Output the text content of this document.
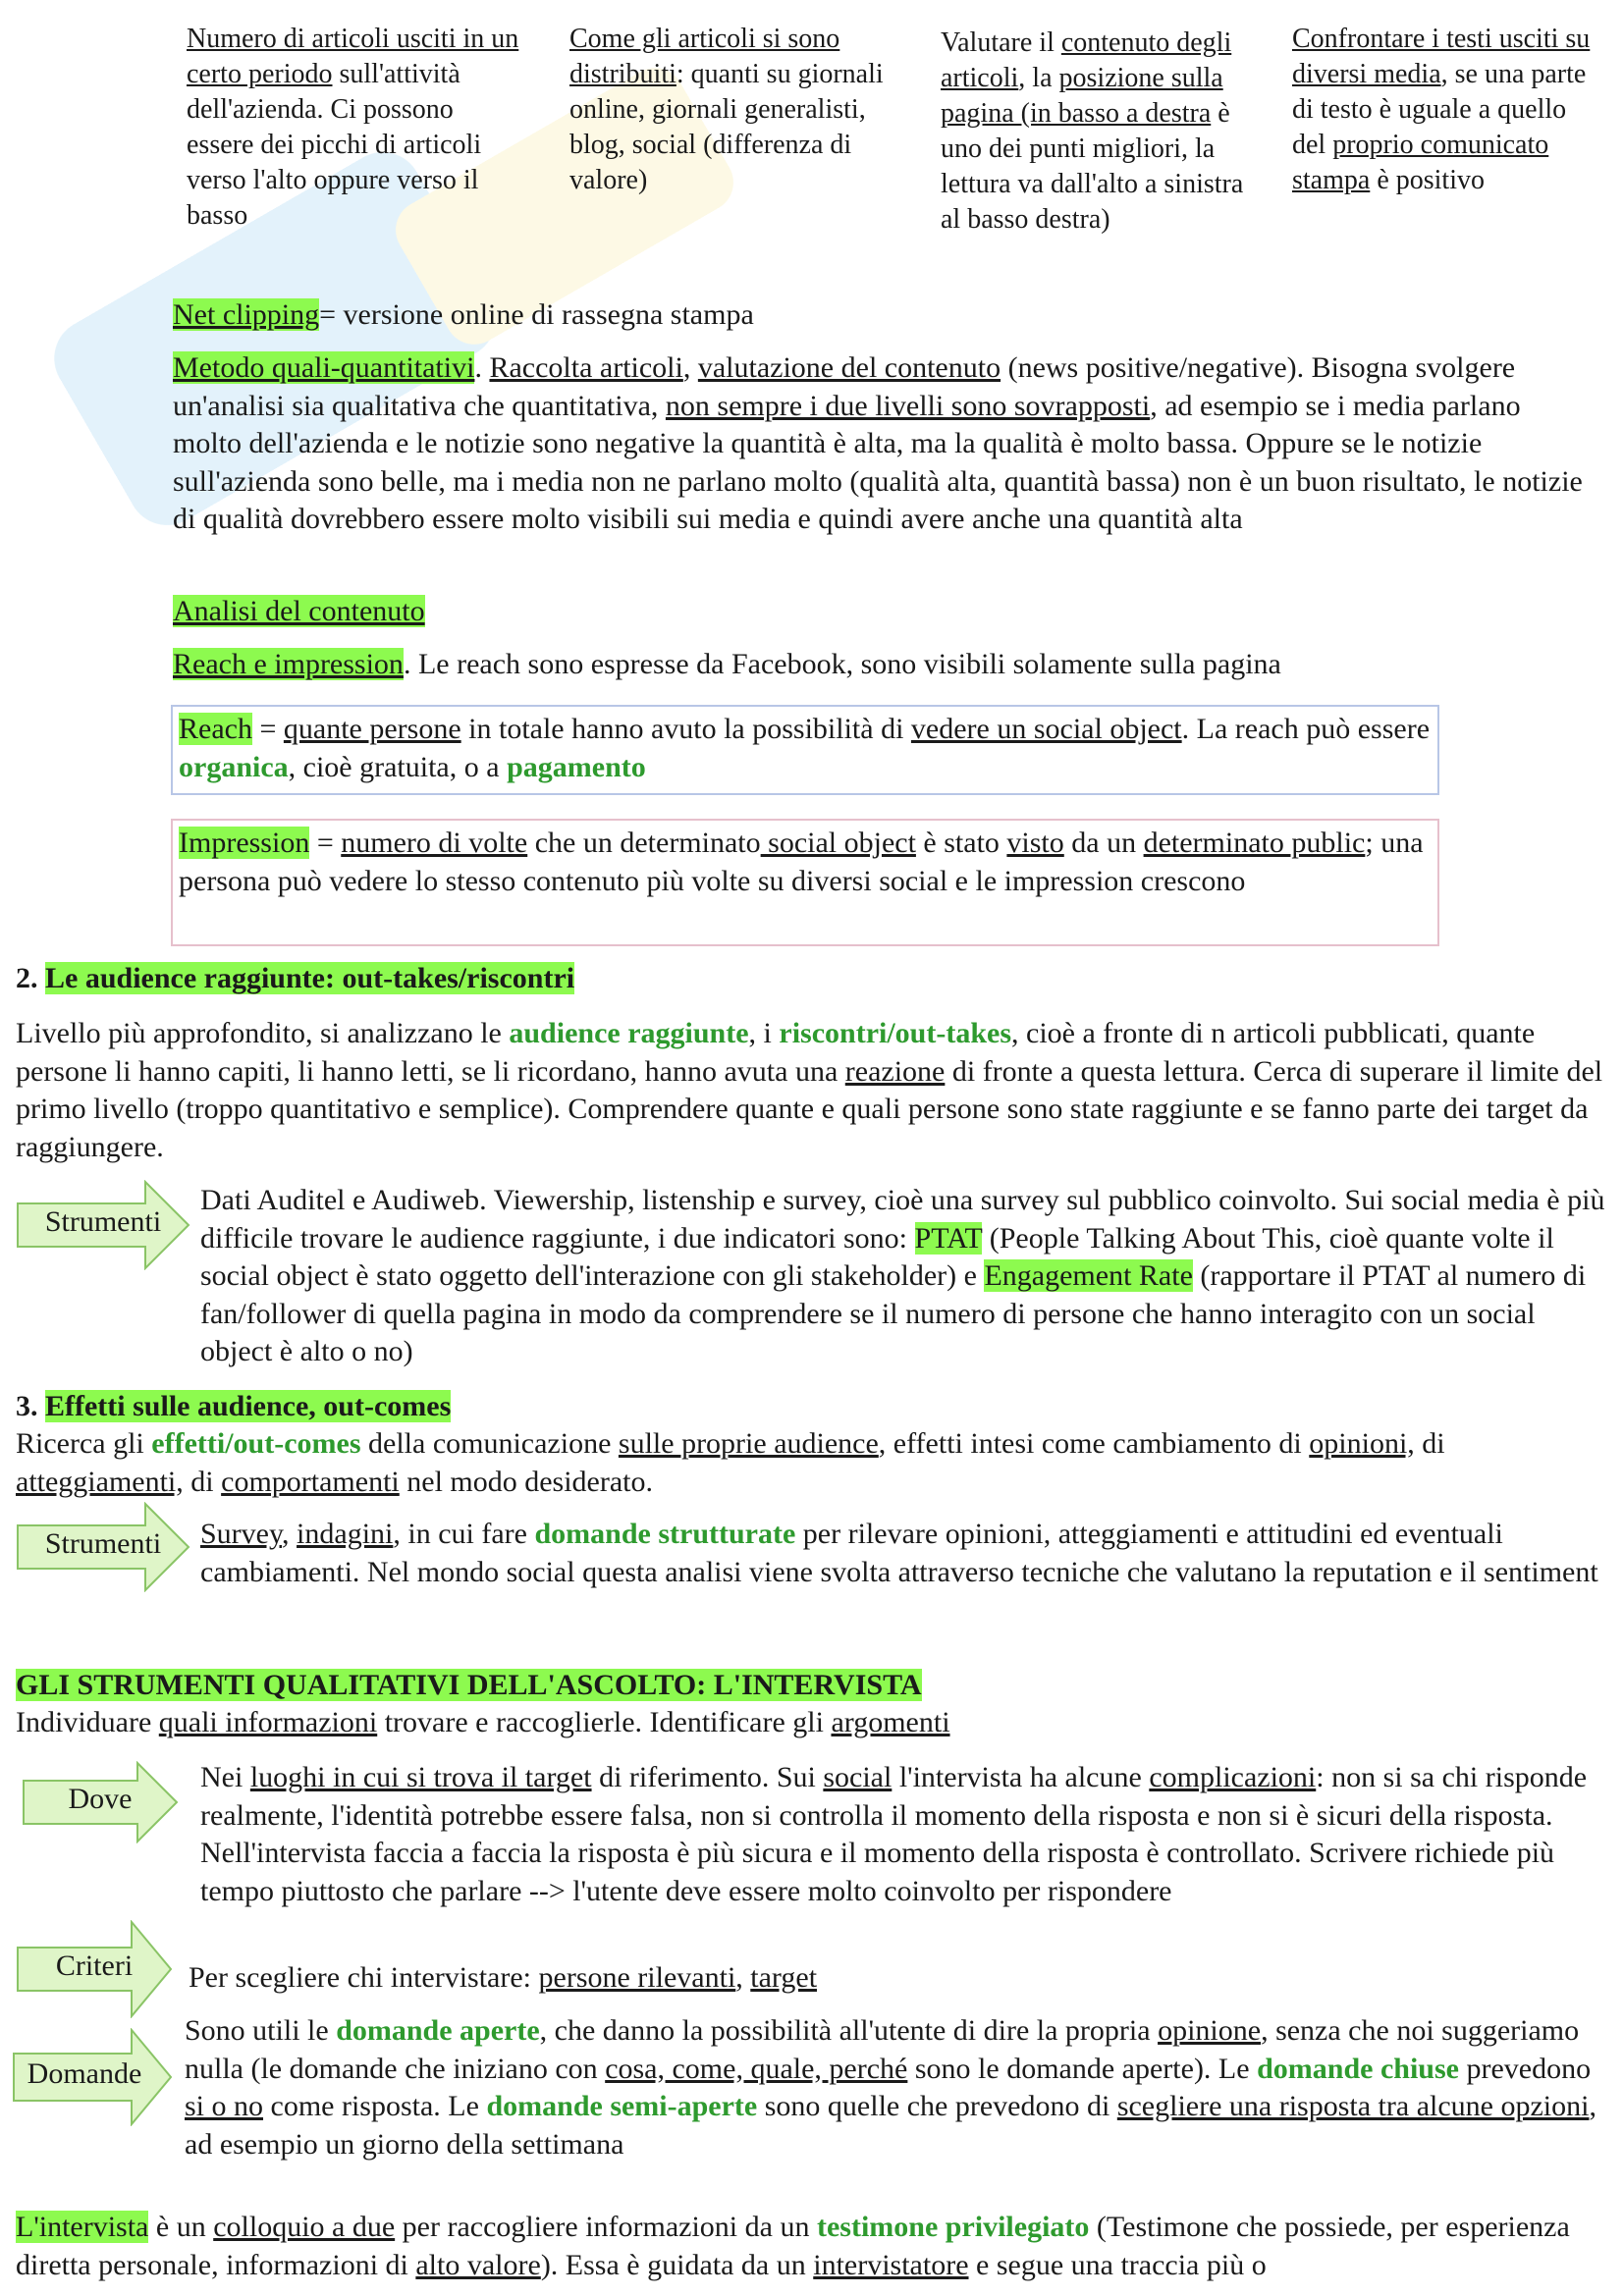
Numero di articoli usciti in un certo periodo sull'attività dell'azienda. Ci possono essere dei picchi di articoli verso l'alto oppure verso il basso
Come gli articoli si sono distribuiti: quanti su giornali online, giornali generalisti, blog, social (differenza di valore)
Valutare il contenuto degli articoli, la posizione sulla pagina (in basso a destra è uno dei punti migliori, la lettura va dall'alto a sinistra al basso destra)
Confrontare i testi usciti su diversi media, se una parte di testo è uguale a quello del proprio comunicato stampa è positivo

Net clipping= versione online di rassegna stampa

Metodo quali-quantitativi. Raccolta articoli, valutazione del contenuto (news positive/negative). Bisogna svolgere un'analisi sia qualitativa che quantitativa, non sempre i due livelli sono sovrapposti, ad esempio se i media parlano molto dell'azienda e le notizie sono negative la quantità è alta, ma la qualità è molto bassa. Oppure se le notizie sull'azienda sono belle, ma i media non ne parlano molto (qualità alta, quantità bassa) non è un buon risultato, le notizie di qualità dovrebbero essere molto visibili sui media e quindi avere anche una quantità alta

Analisi del contenuto

Reach e impression. Le reach sono espresse da Facebook, sono visibili solamente sulla pagina

Reach = quante persone in totale hanno avuto la possibilità di vedere un social object. La reach può essere organica, cioè gratuita, o a pagamento
Impression = numero di volte che un determinato social object è stato visto da un determinato public; una persona può vedere lo stesso contenuto più volte su diversi social e le impression crescono

2. Le audience raggiunte: out-takes/riscontri

Livello più approfondito, si analizzano le audience raggiunte, i riscontri/out-takes, cioè a fronte di n articoli pubblicati, quante persone li hanno capiti, li hanno letti, se li ricordano, hanno avuta una reazione di fronte a questa lettura. Cerca di superare il limite del primo livello (troppo quantitativo e semplice). Comprendere quante e quali persone sono state raggiunte e se fanno parte dei target da raggiungere.

Strumenti

Dati Auditel e Audiweb. Viewership, listenship e survey, cioè una survey sul pubblico coinvolto. Sui social media è più difficile trovare le audience raggiunte, i due indicatori sono: PTAT (People Talking About This, cioè quante volte il social object è stato oggetto dell'interazione con gli stakeholder) e Engagement Rate (rapportare il PTAT al numero di fan/follower di quella pagina in modo da comprendere se il numero di persone che hanno interagito con un social object è alto o no)

3. Effetti sulle audience, out-comes

Ricerca gli effetti/out-comes della comunicazione sulle proprie audience, effetti intesi come cambiamento di opinioni, di atteggiamenti, di comportamenti nel modo desiderato.

Strumenti	Survey, indagini, in cui fare domande strutturate per rilevare opinioni, atteggiamenti e attitudini ed eventuali cambiamenti. Nel mondo social questa analisi viene svolta attraverso tecniche che valutano la reputation e il sentiment

GLI STRUMENTI QUALITATIVI DELL'ASCOLTO: L'INTERVISTA

Individuare quali informazioni trovare e raccoglierle. Identificare gli argomenti

Dove

Nei luoghi in cui si trova il target di riferimento. Sui social l'intervista ha alcune complicazioni: non si sa chi risponde realmente, l'identità potrebbe essere falsa, non si controlla il momento della risposta e non si è sicuri della risposta. Nell'intervista faccia a faccia la risposta è più sicura e il momento della risposta è controllato. Scrivere richiede più tempo piuttosto che parlare --> l'utente deve essere molto coinvolto per rispondere

Criteri	Per scegliere chi intervistare: persone rilevanti, target

Domande

Sono utili le domande aperte, che danno la possibilità all'utente di dire la propria opinione, senza che noi suggeriamo nulla (le domande che iniziano con cosa, come, quale, perché sono le domande aperte). Le domande chiuse prevedono si o no come risposta. Le domande semi-aperte sono quelle che prevedono di scegliere una risposta tra alcune opzioni, ad esempio un giorno della settimana

L'intervista è un colloquio a due per raccogliere informazioni da un testimone privilegiato (Testimone che possiede, per esperienza diretta personale, informazioni di alto valore). Essa è guidata da un intervistatore e segue una traccia più o
